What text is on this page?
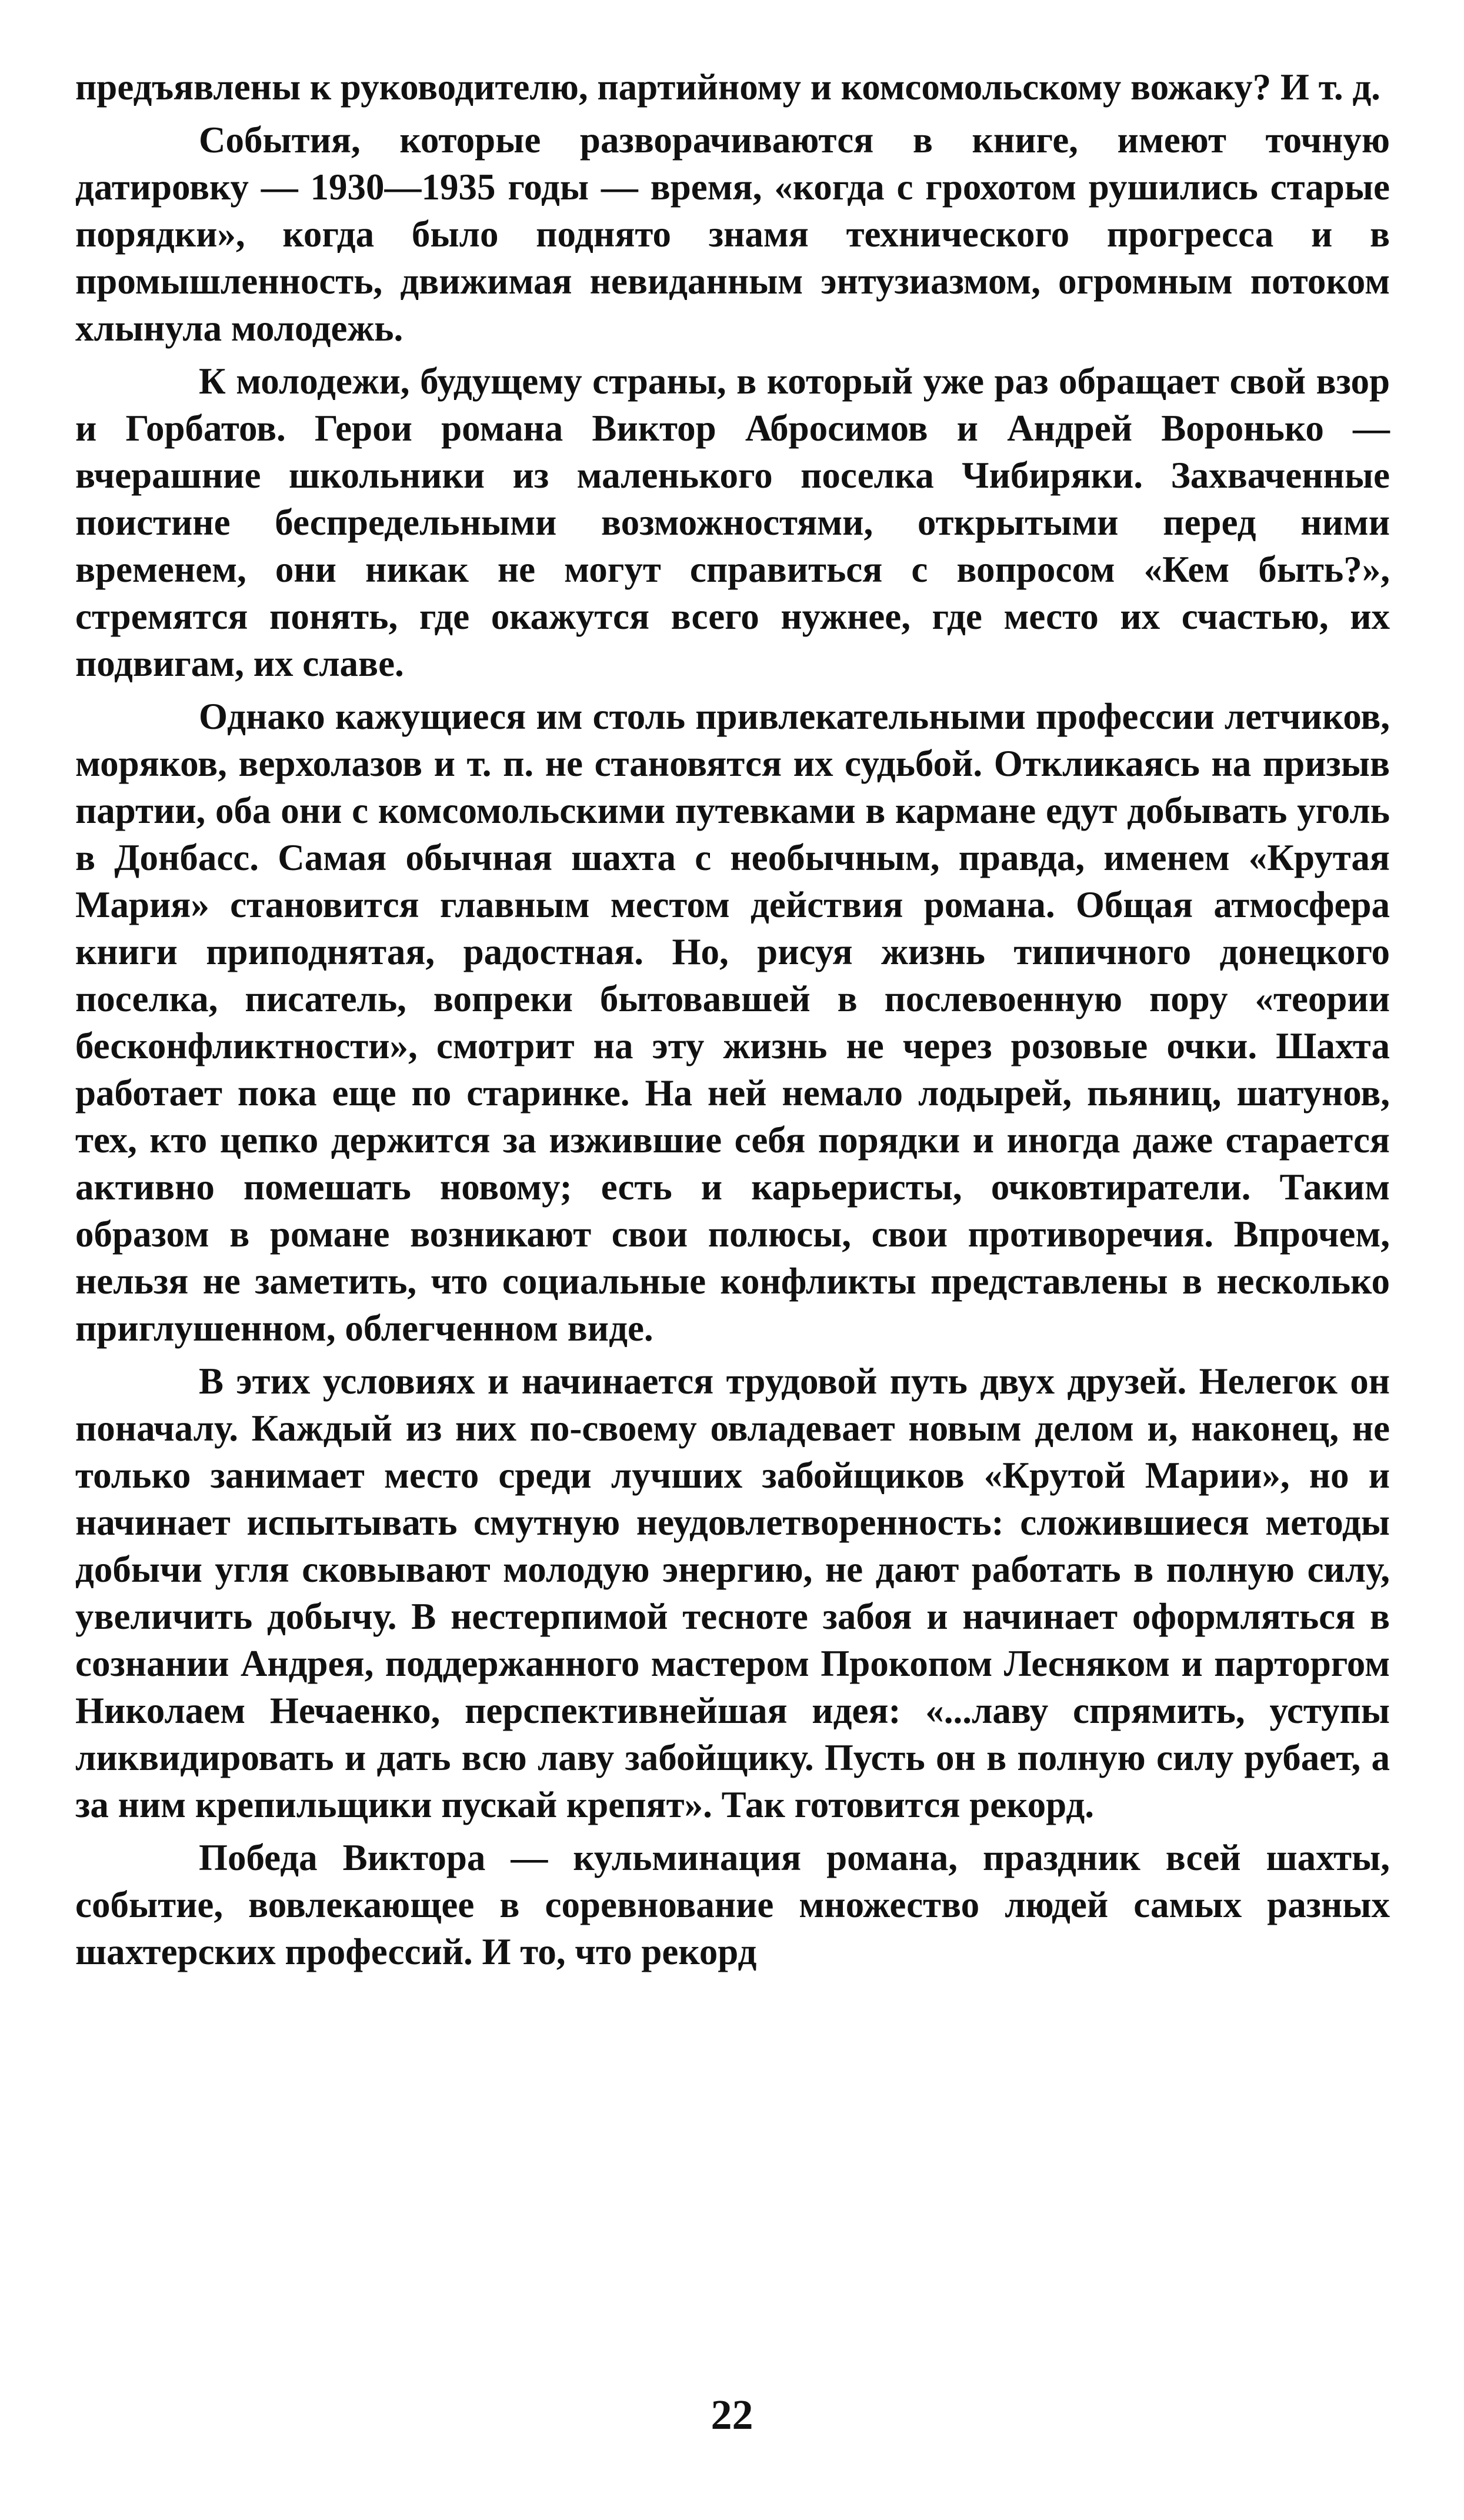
предъявлены к руководителю, партийному и комсомольскому вожаку? И т. д.

События, которые разворачиваются в книге, имеют точную датировку — 1930—1935 годы — время, «когда с грохотом рушились старые порядки», когда было поднято знамя технического прогресса и в промышленность, движимая невиданным энтузиазмом, огромным потоком хлынула молодежь.

К молодежи, будущему страны, в который уже раз обращает свой взор и Горбатов. Герои романа Виктор Абросимов и Андрей Воронько — вчерашние школьники из маленького поселка Чибиряки. Захваченные поистине беспредельными возможностями, открытыми перед ними временем, они никак не могут справиться с вопросом «Кем быть?», стремятся понять, где окажутся всего нужнее, где место их счастью, их подвигам, их славе.

Однако кажущиеся им столь привлекательными профессии летчиков, моряков, верхолазов и т. п. не становятся их судьбой. Откликаясь на призыв партии, оба они с комсомольскими путевками в кармане едут добывать уголь в Донбасс. Самая обычная шахта с необычным, правда, именем «Крутая Мария» становится главным местом действия романа. Общая атмосфера книги приподнятая, радостная. Но, рисуя жизнь типичного донецкого поселка, писатель, вопреки бытовавшей в послевоенную пору «теории бесконфликтности», смотрит на эту жизнь не через розовые очки. Шахта работает пока еще по старинке. На ней немало лодырей, пьяниц, шатунов, тех, кто цепко держится за изжившие себя порядки и иногда даже старается активно помешать новому; есть и карьеристы, очковтиратели. Таким образом в романе возникают свои полюсы, свои противоречия. Впрочем, нельзя не заметить, что социальные конфликты представлены в несколько приглушенном, облегченном виде.

В этих условиях и начинается трудовой путь двух друзей. Нелегок он поначалу. Каждый из них по-своему овладевает новым делом и, наконец, не только занимает место среди лучших забойщиков «Крутой Марии», но и начинает испытывать смутную неудовлетворенность: сложившиеся методы добычи угля сковывают молодую энергию, не дают работать в полную силу, увеличить добычу. В нестерпимой тесноте забоя и начинает оформляться в сознании Андрея, поддержанного мастером Прокопом Лесняком и парторгом Николаем Нечаенко, перспективнейшая идея: «...лаву спрямить, уступы ликвидировать и дать всю лаву забойщику. Пусть он в полную силу рубает, а за ним крепильщики пускай крепят». Так готовится рекорд.

Победа Виктора — кульминация романа, праздник всей шахты, событие, вовлекающее в соревнование множество людей самых разных шахтерских профессий. И то, что рекорд

22
